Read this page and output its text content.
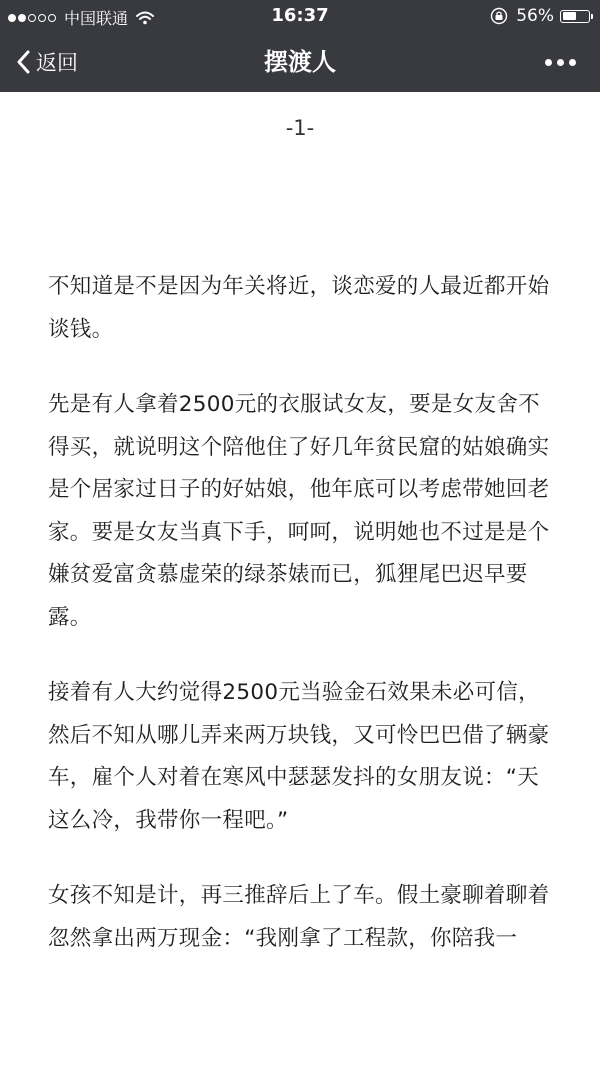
中国联通	16:37	56%
返回	摆渡人
-1-

不知道是不是因为年关将近，谈恋爱的人最近都开始谈钱。

先是有人拿着2500元的衣服试女友，要是女友舍不得买，就说明这个陪他住了好几年贫民窟的姑娘确实是个居家过日子的好姑娘，他年底可以考虑带她回老家。要是女友当真下手，呵呵，说明她也不过是是个嫌贫爱富贪慕虚荣的绿茶婊而已，狐狸尾巴迟早要露。

接着有人大约觉得2500元当验金石效果未必可信，然后不知从哪儿弄来两万块钱，又可怜巴巴借了辆豪车，雇个人对着在寒风中瑟瑟发抖的女朋友说：“天这么冷，我带你一程吧。”

女孩不知是计，再三推辞后上了车。假土豪聊着聊着忽然拿出两万现金：“我刚拿了工程款，你陪我一
